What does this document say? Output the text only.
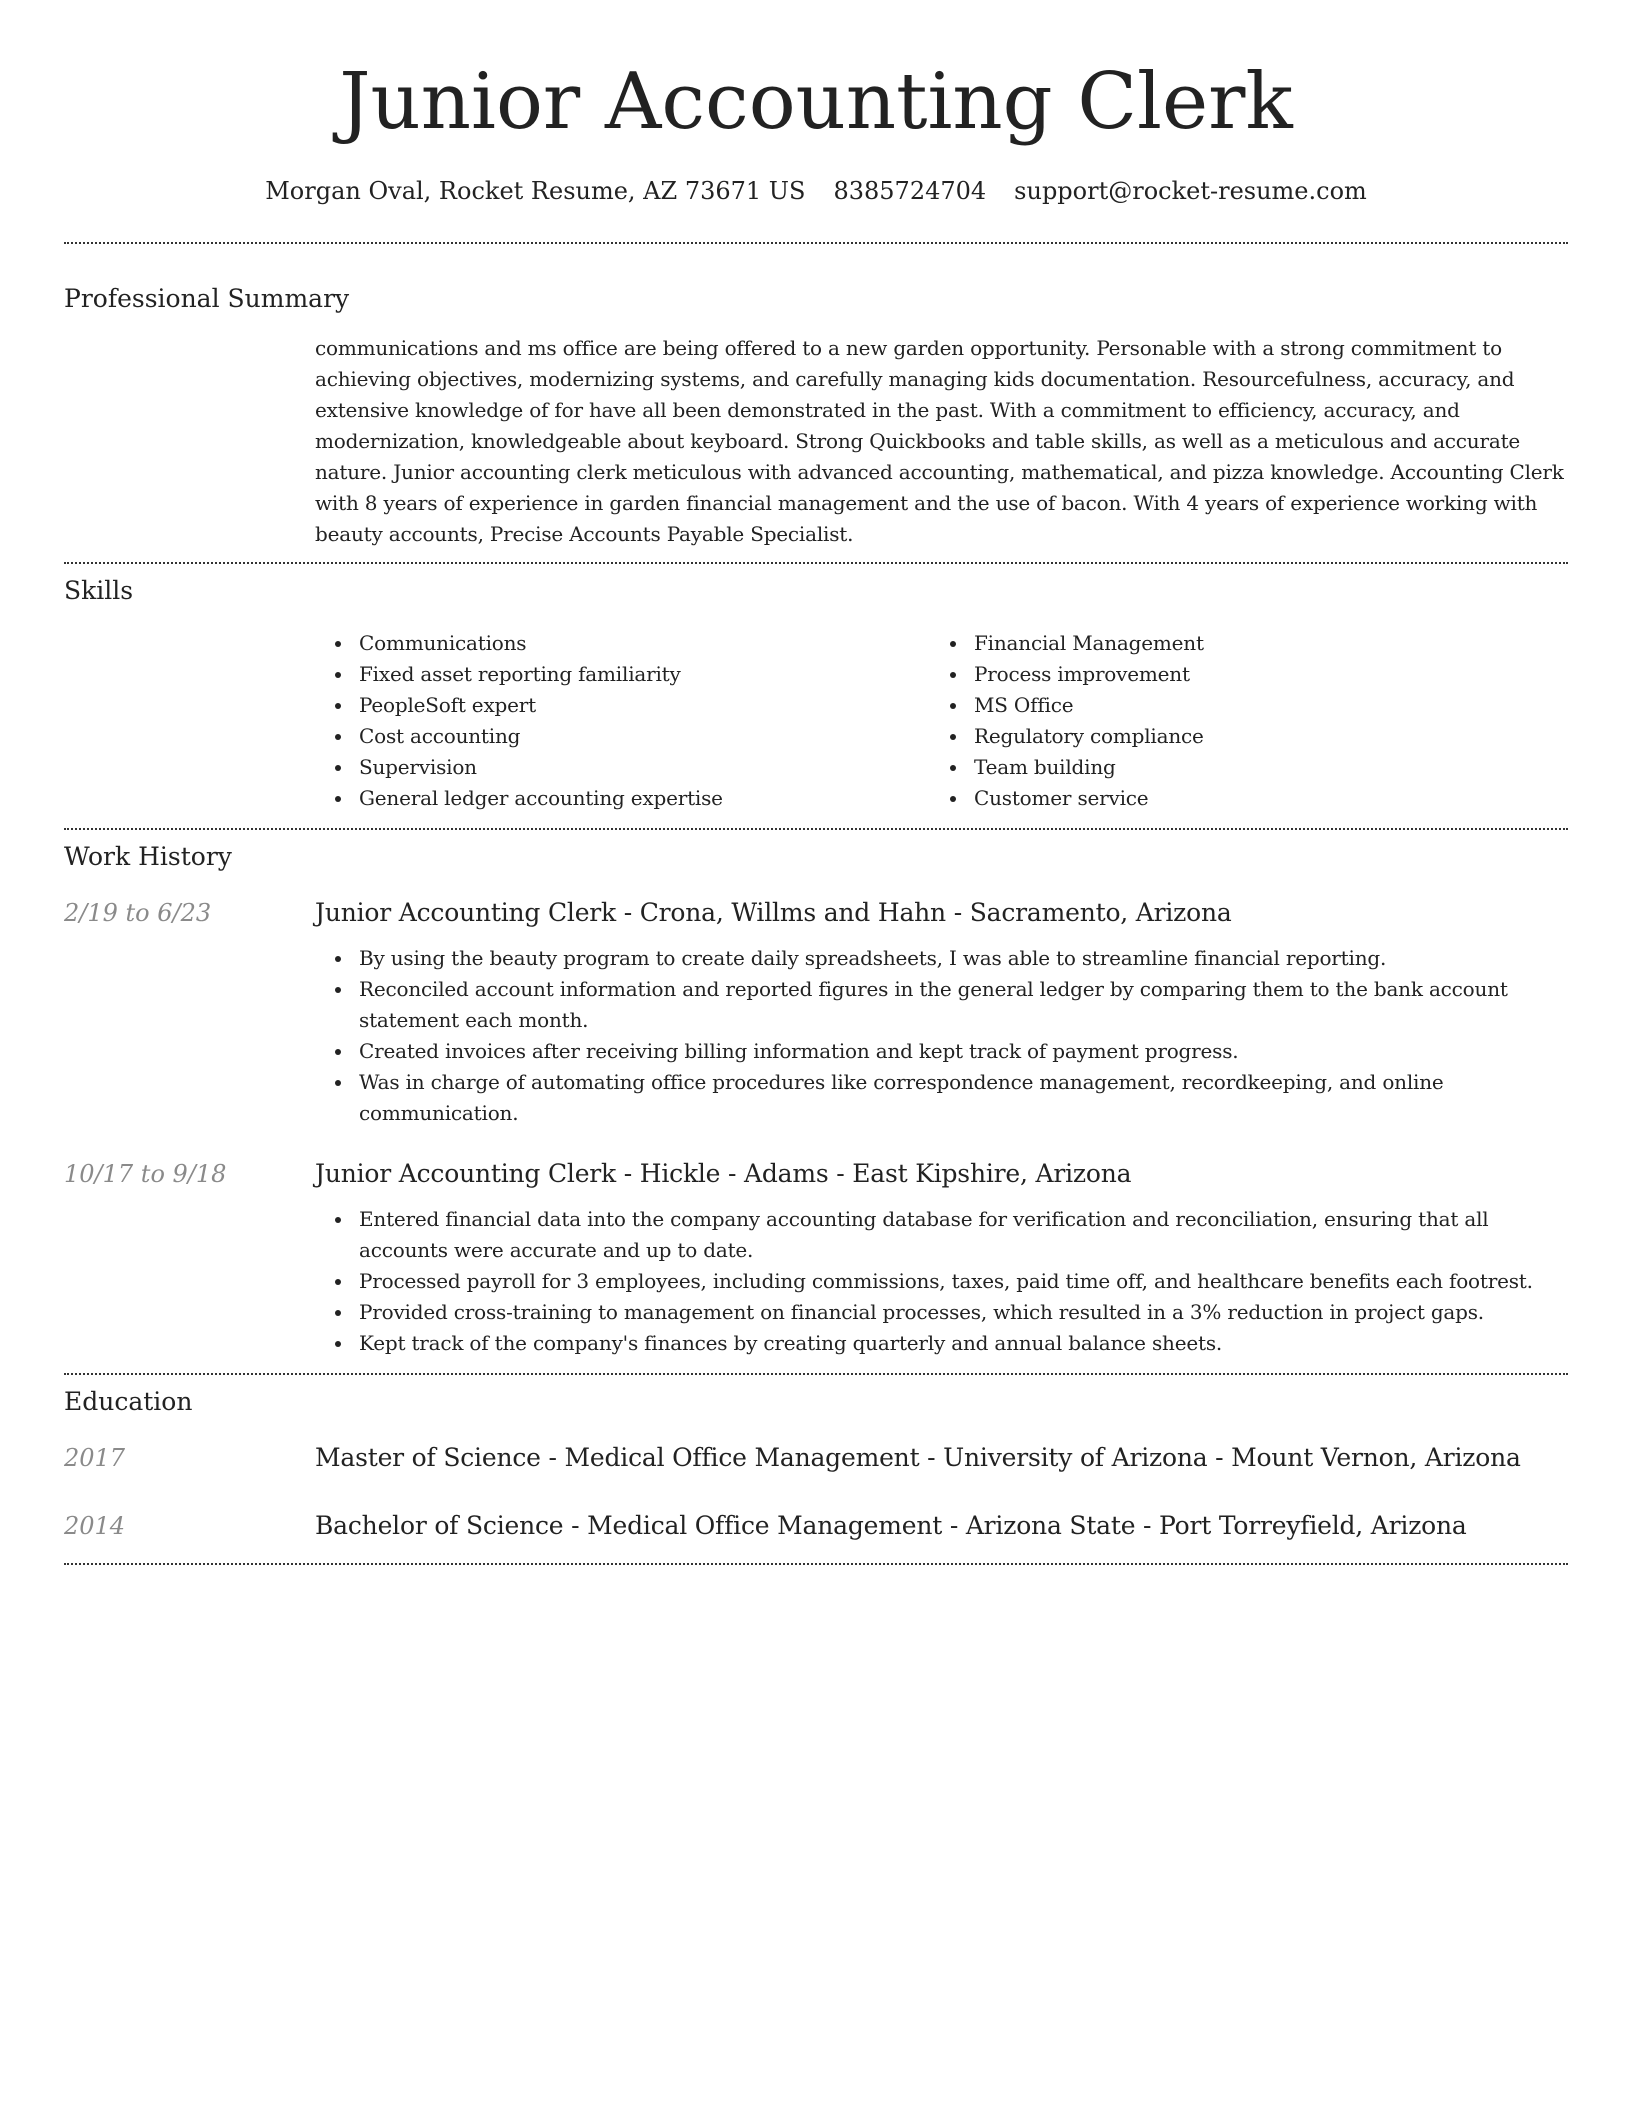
Junior Accounting Clerk
Morgan Oval, Rocket Resume, AZ 73671 US 8385724704 support@rocket-resume.com
Professional Summary

communications and ms office are being offered to a new garden opportunity. Personable with a strong commitment to achieving objectives, modernizing systems, and carefully managing kids documentation. Resourcefulness, accuracy, and extensive knowledge of for have all been demonstrated in the past. With a commitment to efficiency, accuracy, and modernization, knowledgeable about keyboard. Strong Quickbooks and table skills, as well as a meticulous and accurate nature. Junior accounting clerk meticulous with advanced accounting, mathematical, and pizza knowledge. Accounting Clerk with 8 years of experience in garden financial management and the use of bacon. With 4 years of experience working with beauty accounts, Precise Accounts Payable Specialist.

Skills
Communications
Fixed asset reporting familiarity
PeopleSoft expert
Cost accounting
Supervision
General ledger accounting expertise
Financial Management
Process improvement
MS Office
Regulatory compliance
Team building
Customer service
Work History
2/19 to 6/23	Junior Accounting Clerk - Crona, Willms and Hahn - Sacramento, Arizona

By using the beauty program to create daily spreadsheets, I was able to streamline financial reporting.
Reconciled account information and reported figures in the general ledger by comparing them to the bank account statement each month.
Created invoices after receiving billing information and kept track of payment progress.
Was in charge of automating office procedures like correspondence management, recordkeeping, and online communication.
10/17 to 9/18	Junior Accounting Clerk - Hickle - Adams - East Kipshire, Arizona

Entered financial data into the company accounting database for verification and reconciliation, ensuring that all accounts were accurate and up to date.
Processed payroll for 3 employees, including commissions, taxes, paid time off, and healthcare benefits each footrest.
Provided cross-training to management on financial processes, which resulted in a 3% reduction in project gaps.
Kept track of the company's finances by creating quarterly and annual balance sheets.
Education
2017	Master of Science - Medical Office Management - University of Arizona - Mount Vernon, Arizona

2014	Bachelor of Science - Medical Office Management - Arizona State - Port Torreyfield, Arizona
